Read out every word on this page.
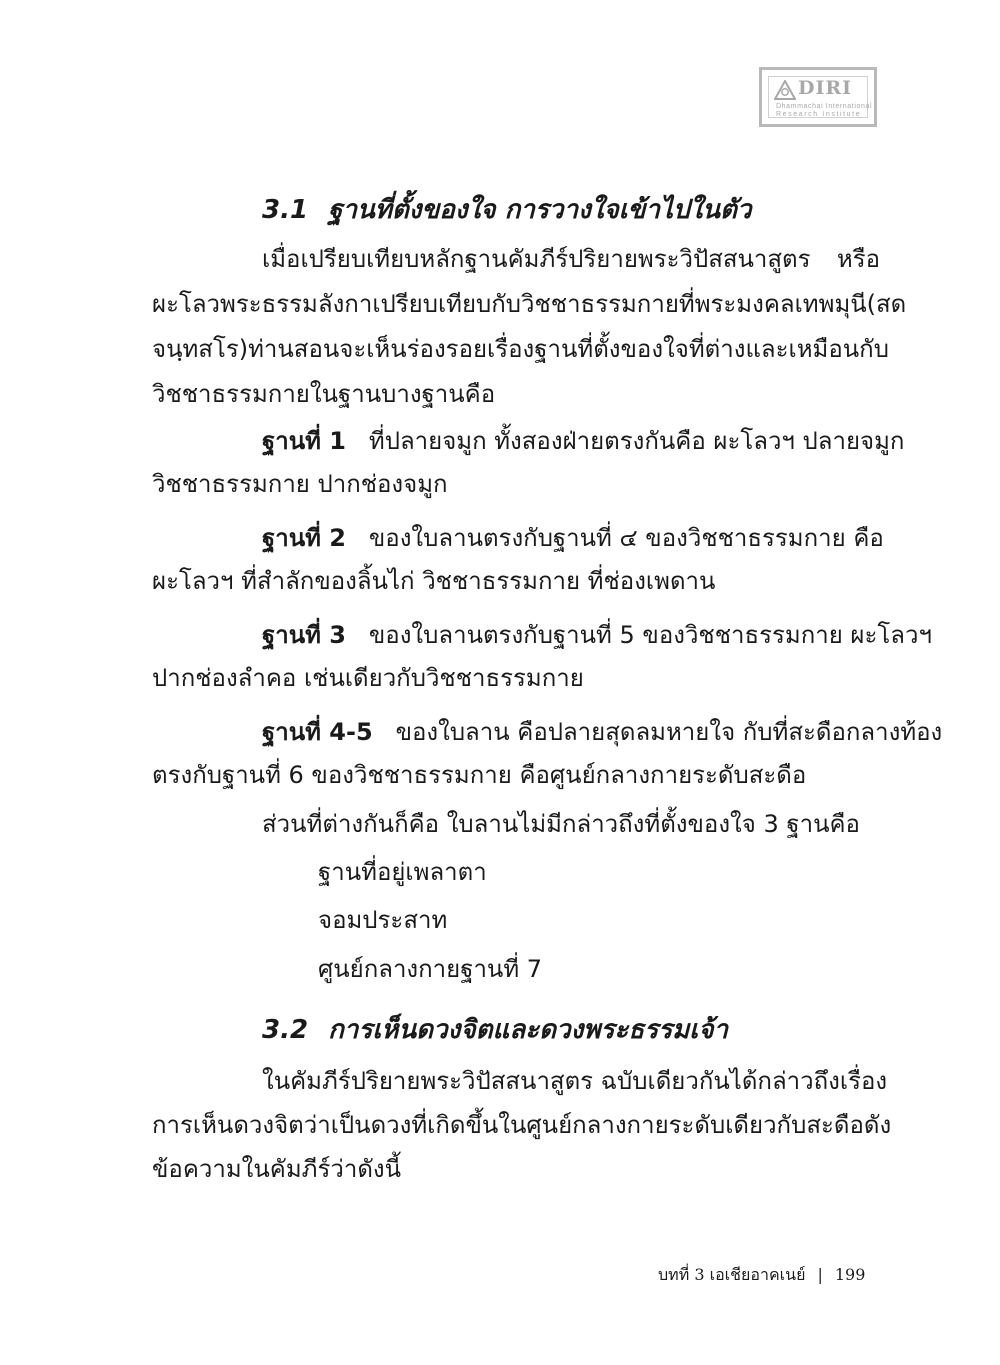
DIRI
Dhammachai International
Research Institute
3.1 ฐานที่ตั้งของใจ การวางใจเข้าไปในตัว
เมื่อเปรียบเทียบหลักฐานคัมภีร์ปริยายพระวิปัสสนาสูตร หรือ
ผะโลวพระธรรมลังกา เปรียบเทียบกับวิชชาธรรมกายที่พระมงคลเทพมุนี (สด
จนฺทสโร) ท่านสอน จะเห็นร่องรอยเรื่องฐานที่ตั้งของใจที่ต่างและเหมือนกับ
วิชชาธรรมกายในฐานบางฐานคือ
ฐานที่ 1 ที่ปลายจมูก ทั้งสองฝ่ายตรงกันคือ ผะโลวฯ ปลายจมูก
วิชชาธรรมกาย ปากช่องจมูก
ฐานที่ 2 ของใบลานตรงกับฐานที่ ๔ ของวิชชาธรรมกาย คือ
ผะโลวฯ ที่สำลักของลิ้นไก่ วิชชาธรรมกาย ที่ช่องเพดาน
ฐานที่ 3 ของใบลานตรงกับฐานที่ 5 ของวิชชาธรรมกาย ผะโลวฯ
ปากช่องลำคอ เช่นเดียวกับวิชชาธรรมกาย
ฐานที่ 4-5 ของใบลาน คือปลายสุดลมหายใจ กับที่สะดือกลางท้อง
ตรงกับฐานที่ 6 ของวิชชาธรรมกาย คือศูนย์กลางกายระดับสะดือ
ส่วนที่ต่างกันก็คือ ใบลานไม่มีกล่าวถึงที่ตั้งของใจ 3 ฐานคือ
ฐานที่อยู่เพลาตา
จอมประสาท
ศูนย์กลางกายฐานที่ 7
3.2 การเห็นดวงจิตและดวงพระธรรมเจ้า
ในคัมภีร์ปริยายพระวิปัสสนาสูตร ฉบับเดียวกันได้กล่าวถึงเรื่อง
การเห็นดวงจิตว่า เป็นดวงที่เกิดขึ้นในศูนย์กลางกายระดับเดียวกับสะดือ ดัง
ข้อความในคัมภีร์ว่าดังนี้
บทที่ 3 เอเชียอาคเนย์ | 199
